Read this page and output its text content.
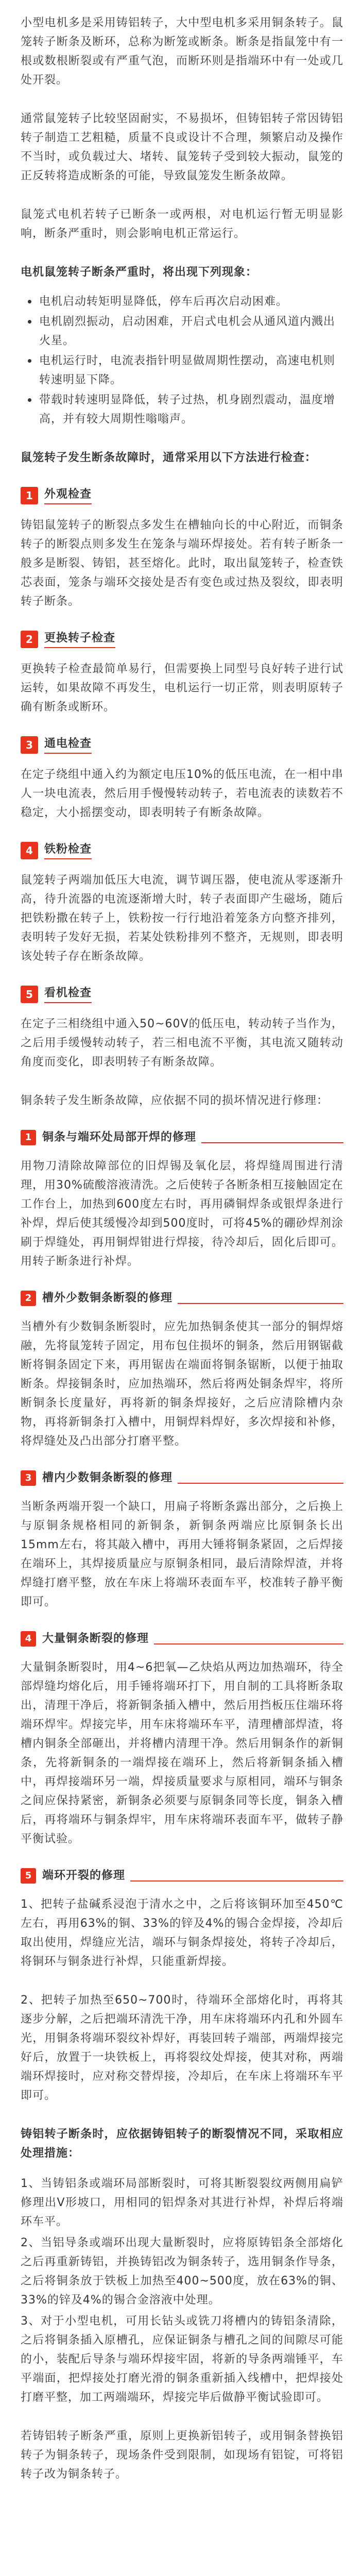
小型电机多是采用铸铝转子，大中型电机多采用铜条转子。鼠笼转子断条及断环，总称为断笼或断条。断条是指鼠笼中有一根或数根断裂或有严重气泡，而断环则是指端环中有一处或几处开裂。

通常鼠笼转子比较坚固耐实，不易损坏，但铸铝转子常因铸铝转子制造工艺粗糙，质量不良或设计不合理，频繁启动及操作不当时，或负载过大、堵转、鼠笼转子受到较大振动，鼠笼的正反转将造成断条的可能，导致鼠笼发生断条故障。

鼠笼式电机若转子已断条一或两根，对电机运行暂无明显影响，断条严重时，则会影响电机正常运行。

电机鼠笼转子断条严重时，将出现下列现象：

电机启动转矩明显降低，停车后再次启动困难。
电机剧烈振动，启动困难，开启式电机会从通风道内溅出火星。
电机运行时，电流表指针明显做周期性摆动，高速电机则转速明显下降。
带载时转速明显降低，转子过热，机身剧烈震动，温度增高，并有较大周期性嗡嗡声。

鼠笼转子发生断条故障时，通常采用以下方法进行检查：

1	外观检查

铸铝鼠笼转子的断裂点多发生在槽轴向长的中心附近，而铜条转子的断裂点则多发生在笼条与端环焊接处。若有转子断条一般多是断裂、铸铝，甚至熔化。此时，取出鼠笼转子，检查铁芯表面，笼条与端环交接处是否有变色或过热及裂纹，即表明转子断条。

2	更换转子检查

更换转子检查最简单易行，但需要换上同型号良好转子进行试运转，如果故障不再发生，电机运行一切正常，则表明原转子确有断条或断环。

3	通电检查

在定子绕组中通入约为额定电压10%的低压电流，在一相中串人一块电流表，然后用手慢慢转动转子，若电流表的读数若不稳定，大小摇摆变动，即表明转子有断条故障。

4	铁粉检查

鼠笼转子两端加低压大电流，调节调压器，使电流从零逐渐升高，待升流器的电流逐渐增大时，转子表面即产生磁场，随后把铁粉撒在转子上，铁粉按一行行地沿着笼条方向整齐排列，表明转子发好无损，若某处铁粉排列不整齐，无规则，即表明该处转子存在断条故障。

5	看机检查

在定子三相绕组中通入50~60V的低压电，转动转子当作为，之后用手缓慢转动转子，若三相电流不平衡，其电流又随转动角度而变化，即表明转子有断条故障。

铜条转子发生断条故障，应依据不同的损坏情况进行修理：

1 铜条与端环处局部开焊的修理

用物刀清除故障部位的旧焊锡及氧化层，将焊缝周围进行清理，用30%硫酸溶液清洗。之后使转子各断条相互接触固定在工作台上，加热到600度左右时，再用磷铜焊条或银焊条进行补焊，焊后使其缓慢冷却到500度时，可将45%的硼砂焊剂涂刷于焊缝处，再用铜焊钳进行焊接，待冷却后，固化后即可。用转子断条进行补焊。

2 槽外少数铜条断裂的修理

当槽外有少数铜条断裂时，应先加热铜条使其一部分的铜焊熔融，先将鼠笼转子固定，用布包住损坏的铜条，然后用钢锯截断将铜条固定下来，再用锯齿在端面将铜条锯断，以便于抽取断条。焊接铜条时，应加热端环，然后将两处铜条焊牢，将所断铜条长度量好，再将新的铜条焊接好，之后应清除槽内杂物，再将新铜条打入槽中，用铜焊料焊好，多次焊接和补修，将焊缝处及凸出部分打磨平整。

3 槽内少数铜条断裂的修理

当断条两端开裂一个缺口，用扁子将断条露出部分，之后换上与原铜条规格相同的新铜条，新铜条两端应比原铜条长出15mm左右，将其敲入槽中，再用大锤将铜条紧固，之后焊接在端环上，其焊接质量应与原铜条相同，最后清除焊渣，并将焊缝打磨平整，放在车床上将端环表面车平，校准转子静平衡即可。

4 大量铜条断裂的修理

大量铜条断裂时，用4~6把氧—乙炔焰从两边加热端环，待全部焊缝均熔化后，用手锤将端环打下，用自制的工具将断条取出，清理干净后，将新铜条插入槽中，然后用挡板压住端环将端环焊牢。焊接完毕，用车床将端环车平，清理槽部焊渣，将槽内铜条全部砸出，并将槽内清理干净。然后用铜条作的新铜条，先将新铜条的一端焊接在端环上，然后将新铜条插入槽中，再焊接端环另一端，焊接质量要求与原相同，端环与铜条之间应保持紧密，新铜条必须要与原铜条同等长度，铜条入槽后，再将端环与铜条焊牢，用车床将端环表面车平，做转子静平衡试验。

5 端环开裂的修理

1、把转子盐碱系浸泡于清水之中，之后将该铜环加至450℃左右，再用63%的铜、33%的锌及4%的锡合金焊接，冷却后取出使用，焊缝应光洁，端环与铜条焊接处，将转子冷却后，将铜环与铜条进行补焊，只能重新焊接。

2、把转子加热至650~700时，待端环全部熔化时，再将其逐步分解，之后把端环清洗干净，用车床将端环内孔和外圆车光，用铜条将端环裂纹补焊好，再装回转子端部，两端焊接完好后，放置于一块铁板上，再将裂纹处焊接，使其对称，两端端环焊接时，应对称交替焊接，冷却后，在车床上将端环车平即可。

铸铝转子断条时，应依据铸铝转子的断裂情况不同，采取相应处理措施：

1、当铸铝条或端环局部断裂时，可将其断裂裂纹两侧用扁铲修理出V形坡口，用相同的铝焊条对其进行补焊，补焊后将端环车平。
2、当铝导条或端环出现大量断裂时，应将原铸铝条全部熔化之后再重新铸铝，并换铸铝改为铜条转子，选用铜条作导条，之后将铜条放于铁板上加热至400~500度，放在63%的铜、33%的锌及4%的锡合金溶液中处理。
3、对于小型电机，可用长钻头或铣刀将槽内的铸铝条清除，之后将铜条插入原槽孔，应保证铜条与槽孔之间的间隙尽可能的小，装配后导条与端环焊接牢固，将新的导条两端锤平，车平端面，把焊接处打磨光滑的铜条重新插入线槽中，把焊接处打磨平整，加工两端端环，焊接完毕后做静平衡试验即可。

若铸铝转子断条严重，原则上更换新铝转子，或用铜条替换铝转子为铜条转子，现场条件受到限制，如现场有铝锭，可将铝转子改为铜条转子。
